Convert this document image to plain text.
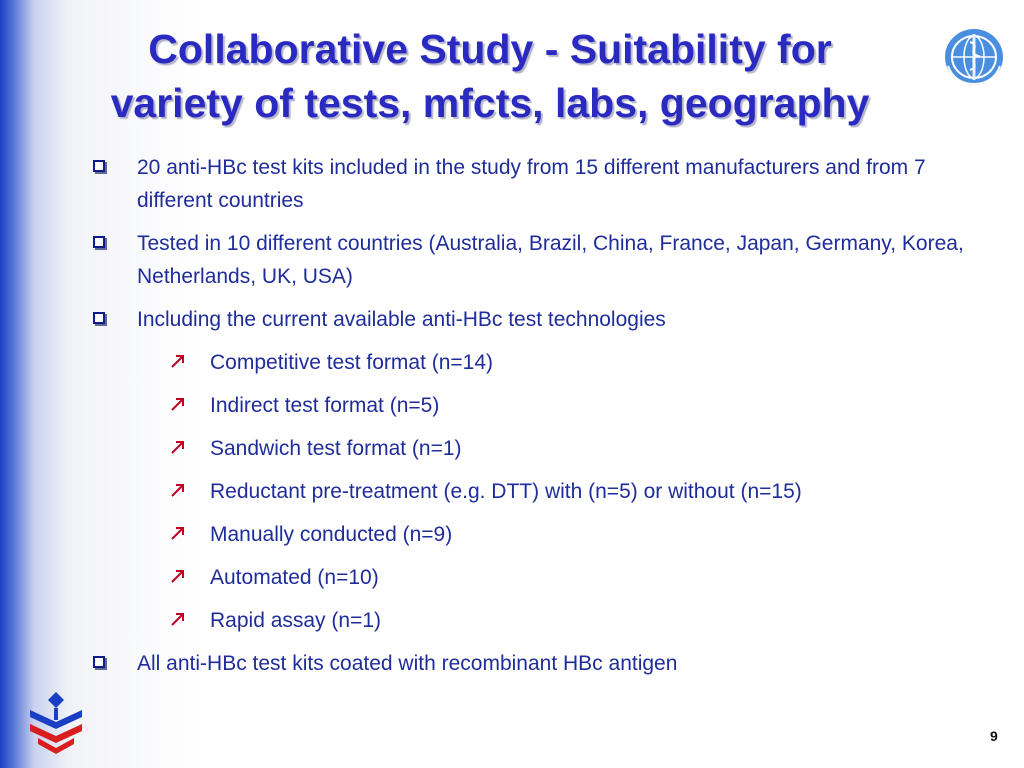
Collaborative Study - Suitability for
variety of tests, mfcts, labs, geography
20 anti-HBc test kits included in the study from 15 different manufacturers and from 7 different countries
Tested in 10 different countries (Australia, Brazil, China, France, Japan, Germany, Korea, Netherlands, UK, USA)
Including the current available anti-HBc test technologies
Competitive test format (n=14)
Indirect test format (n=5)
Sandwich test format (n=1)
Reductant pre-treatment (e.g. DTT) with (n=5) or without (n=15)
Manually conducted (n=9)
Automated (n=10)
Rapid assay (n=1)
All anti-HBc test kits coated with recombinant HBc antigen
9
